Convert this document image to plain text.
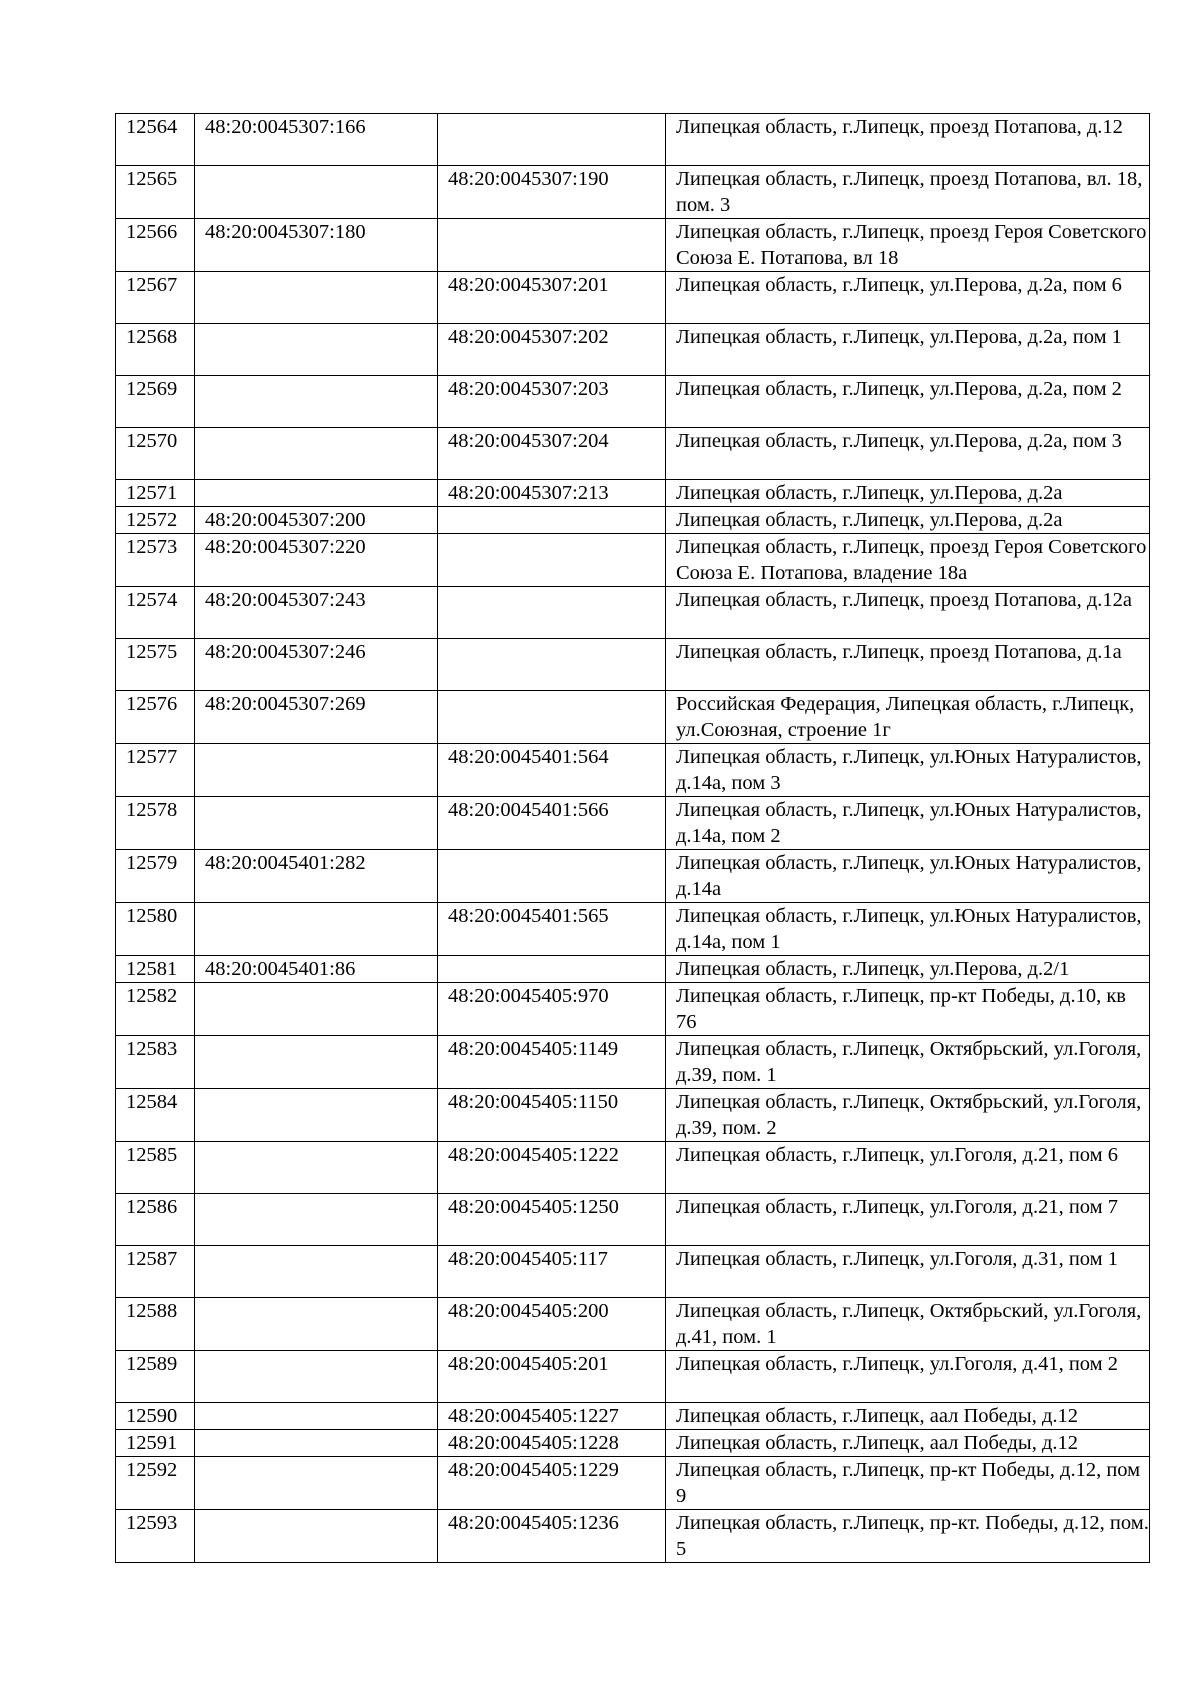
12564	48:20:0045307:166		Липецкая область, г.Липецк, проезд Потапова, д.12
12565		48:20:0045307:190	Липецкая область, г.Липецк, проезд Потапова, вл. 18, пом. 3
12566	48:20:0045307:180		Липецкая область, г.Липецк, проезд Героя Советского Союза Е. Потапова, вл 18
12567		48:20:0045307:201	Липецкая область, г.Липецк, ул.Перова, д.2а, пом 6
12568		48:20:0045307:202	Липецкая область, г.Липецк, ул.Перова, д.2а, пом 1
12569		48:20:0045307:203	Липецкая область, г.Липецк, ул.Перова, д.2а, пом 2
12570		48:20:0045307:204	Липецкая область, г.Липецк, ул.Перова, д.2а, пом 3
12571		48:20:0045307:213	Липецкая область, г.Липецк, ул.Перова, д.2а
12572	48:20:0045307:200		Липецкая область, г.Липецк, ул.Перова, д.2а
12573	48:20:0045307:220		Липецкая область, г.Липецк, проезд Героя Советского Союза Е. Потапова, владение 18а
12574	48:20:0045307:243		Липецкая область, г.Липецк, проезд Потапова, д.12а
12575	48:20:0045307:246		Липецкая область, г.Липецк, проезд Потапова, д.1а
12576	48:20:0045307:269		Российская Федерация, Липецкая область, г.Липецк, ул.Союзная, строение 1г
12577		48:20:0045401:564	Липецкая область, г.Липецк, ул.Юных Натуралистов, д.14а, пом 3
12578		48:20:0045401:566	Липецкая область, г.Липецк, ул.Юных Натуралистов, д.14а, пом 2
12579	48:20:0045401:282		Липецкая область, г.Липецк, ул.Юных Натуралистов, д.14а
12580		48:20:0045401:565	Липецкая область, г.Липецк, ул.Юных Натуралистов, д.14а, пом 1
12581	48:20:0045401:86		Липецкая область, г.Липецк, ул.Перова, д.2/1
12582		48:20:0045405:970	Липецкая область, г.Липецк, пр-кт Победы, д.10, кв 76
12583		48:20:0045405:1149	Липецкая область, г.Липецк, Октябрьский, ул.Гоголя, д.39, пом. 1
12584		48:20:0045405:1150	Липецкая область, г.Липецк, Октябрьский, ул.Гоголя, д.39, пом. 2
12585		48:20:0045405:1222	Липецкая область, г.Липецк, ул.Гоголя, д.21, пом 6
12586		48:20:0045405:1250	Липецкая область, г.Липецк, ул.Гоголя, д.21, пом 7
12587		48:20:0045405:117	Липецкая область, г.Липецк, ул.Гоголя, д.31, пом 1
12588		48:20:0045405:200	Липецкая область, г.Липецк, Октябрьский, ул.Гоголя, д.41, пом. 1
12589		48:20:0045405:201	Липецкая область, г.Липецк, ул.Гоголя, д.41, пом 2
12590		48:20:0045405:1227	Липецкая область, г.Липецк, аал Победы, д.12
12591		48:20:0045405:1228	Липецкая область, г.Липецк, аал Победы, д.12
12592		48:20:0045405:1229	Липецкая область, г.Липецк, пр-кт Победы, д.12, пом 9
12593		48:20:0045405:1236	Липецкая область, г.Липецк, пр-кт. Победы, д.12, пом. 5
